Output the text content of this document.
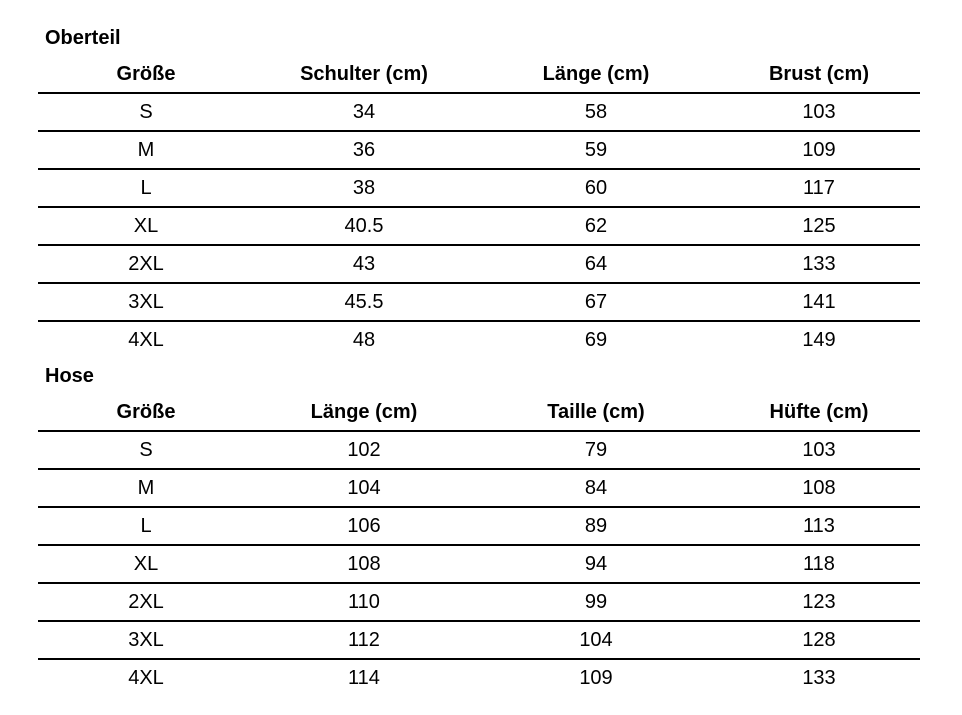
Oberteil
Größe	Schulter (cm)	Länge (cm)	Brust (cm)
S	34	58	103
M	36	59	109
L	38	60	117
XL	40.5	62	125
2XL	43	64	133
3XL	45.5	67	141
4XL	48	69	149
Hose
Größe	Länge (cm)	Taille (cm)	Hüfte (cm)
S	102	79	103
M	104	84	108
L	106	89	113
XL	108	94	118
2XL	110	99	123
3XL	112	104	128
4XL	114	109	133
